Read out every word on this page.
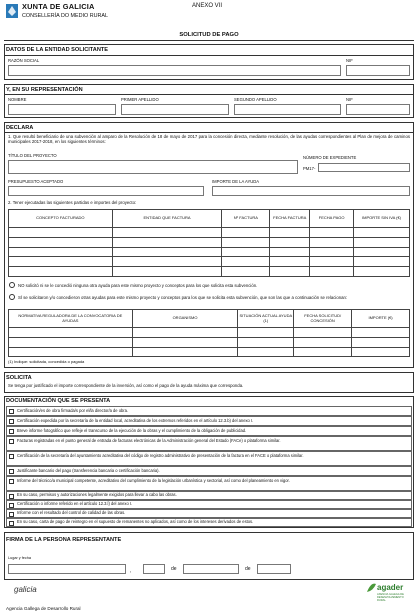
XUNTA DE GALICIA
CONSELLERÍA DO MEDIO RURAL
ANEXO VII
SOLICITUD DE PAGO
DATOS DE LA ENTIDAD SOLICITANTE
RAZÓN SOCIAL	NIF
Y, EN SU REPRESENTACIÓN
NOMBRE	PRIMER APELLIDO	SEGUNDO APELLIDO	NIF
DECLARA
1. Que resultó beneficiario de una subvención al amparo de la Resolución de 18 de mayo de 2017 para la concesión directa, mediante resolución, de las ayudas correspondientes al Plan de mejora de caminos municipales 2017-2018, en los siguientes términos:
TÍTULO DEL PROYECTO	NÚMERO DE EXPEDIENTE
PM17-
PRESUPUESTO ACEPTADO	IMPORTE DE LA AYUDA
2. Tener ejecutadas las siguientes partidas e importes del proyecto:
CONCEPTO FACTURADO	ENTIDAD QUE FACTURA	Nº FACTURA	FECHA FACTURA	FECHA PAGO	IMPORTE SIN IVA (€)

NO solicitó ni se le concedió ninguna otra ayuda para este mismo proyecto y conceptos para los que solicita esta subvención.
SÍ se solicitaron y/o concedieron otras ayudas para este mismo proyecto y conceptos para los que se solicita esta subvención, que son las que a continuación se relacionan:
NORMATIVA REGULADORA DE LA CONVOCATORIA DE AYUDAS	ORGANISMO	SITUACIÓN ACTUAL AYUDA (1)	FECHA SOLICITUD/ CONCESIÓN	IMPORTE (€)

(1) Indique: solicitada, concedida o pagada
SOLICITA
Se tenga por justificado el importe correspondiente de la inversión, así como el pago de la ayuda máxima que corresponda.
DOCUMENTACIÓN QUE SE PRESENTA
Certificación/es de obra firmada/s por el/la director/a de obra.
Certificación expedida por la secretaría de la entidad local, acreditativa de los extremos referidos en el artículo 12.3.b) del anexo I.
Breve informe fotográfico que refleje el transcurso de la ejecución de la obras y el cumplimiento de la obligación de publicidad.
Facturas registradas en el punto general de entrada de facturas electrónicas de la Administración general del Estado (FACe) o plataforma similar.
Certificación de la secretaría del ayuntamiento acreditativa del código de registro administrativo de presentación de la factura en el FACE o plataforma similar.
Justificante bancario del pago (transferencia bancaria o certificación bancaria).
Informe del técnico/a municipal competente, acreditativo del cumplimiento de la legislación urbanística y sectorial, así como del planeamiento en vigor.
En su caso, permisos y autorizaciones legalmente exigidos para llevar a cabo las obras.
Certificación o informe referido en el artículo 12.3.l) del anexo I.
Informe con el resultado del control de calidad de las obras.
En su caso, carta de pago de reintegro en el supuesto de remanentes no aplicados, así como de los intereses derivados de estos.
FIRMA DE LA PERSONA REPRESENTANTE
Lugar y fecha
,	de	de
galicia	agader
AXENCIA GALEGA DE DESENVOLVEMENTO RURAL
Agencia Gallega de Desarrollo Rural
